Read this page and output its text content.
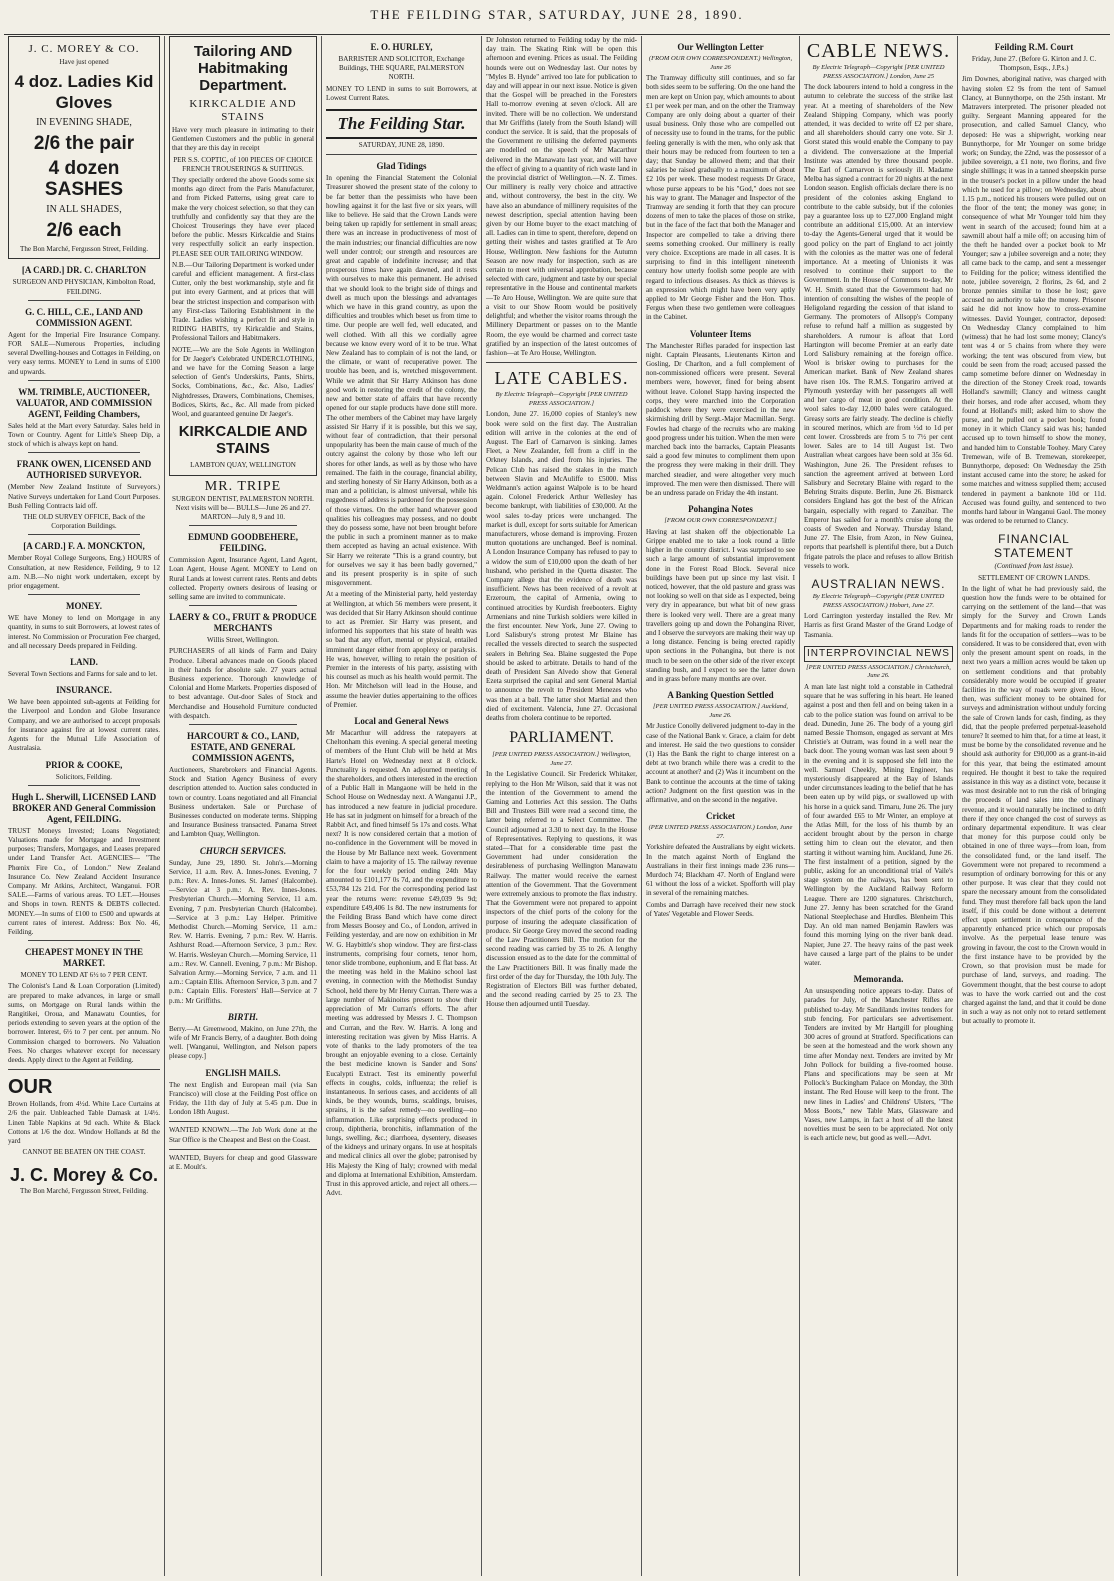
THE FEILDING STAR, SATURDAY, JUNE 28, 1890.
J. C. MOREY & CO.

Have just opened

4 doz. Ladies Kid Gloves
IN EVENING SHADE,
2/6 the pair
4 dozen SASHES
IN ALL SHADES,
2/6 each

The Bon Marché, Fergusson Street, Feilding.

[A CARD.] DR. C. CHARLTON

SURGEON AND PHYSICIAN, Kimbolton Road, FEILDING.

G. C. HILL, C.E., LAND AND COMMISSION AGENT.

Agent for the Imperial Fire Insurance Company. FOR SALE—Numerous Properties, including several Dwelling-houses and Cottages in Feilding, on very easy terms. MONEY to Lend in sums of £100 and upwards.

WM. TRIMBLE, AUCTIONEER, VALUATOR, AND COMMISSION AGENT, Feilding Chambers,

Sales held at the Mart every Saturday. Sales held in Town or Country. Agent for Little's Sheep Dip, a stock of which is always kept on hand.

FRANK OWEN, LICENSED AND AUTHORISED SURVEYOR.

(Member New Zealand Institute of Surveyors.) Native Surveys undertaken for Land Court Purposes. Bush Felling Contracts laid off.

THE OLD SURVEY OFFICE, Back of the Corporation Buildings.

[A CARD.] F. A. MONCKTON,

Member Royal College Surgeons, Eng.) HOURS of Consultation, at new Residence, Feilding, 9 to 12 a.m. N.B.—No night work undertaken, except by prior engagement.

MONEY.

WE have Money to lend on Mortgage in any quantity, in sums to suit Borrowers, at lowest rates of interest. No Commission or Procuration Fee charged, and all necessary Deeds prepared in Feilding.

LAND.

Several Town Sections and Farms for sale and to let.

INSURANCE.

We have been appointed sub-agents at Feilding for the Liverpool and London and Globe Insurance Company, and we are authorised to accept proposals for insurance against fire at lowest current rates. Agents for the Mutual Life Association of Australasia.

PRIOR & COOKE,

Solicitors, Feilding.

Hugh L. Sherwill, LICENSED LAND BROKER AND General Commission Agent, FEILDING.

TRUST Moneys Invested; Loans Negotiated; Valuations made for Mortgage and Investment purposes; Transfers, Mortgages, and Leases prepared under Land Transfer Act. AGENCIES— "The Phœnix Fire Co., of London." New Zealand Insurance Co. New Zealand Accident Insurance Company. Mr Atkins, Architect, Wanganui. FOR SALE.—Farms of various areas. TO LET.—Houses and Shops in town. RENTS & DEBTS collected. MONEY.—In sums of £100 to £500 and upwards at current rates of interest. Address: Box No. 46, Feilding.

CHEAPEST MONEY IN THE MARKET.

MONEY TO LEND AT 6½ to 7 PER CENT.

The Colonist's Land & Loan Corporation (Limited) are prepared to make advances, in large or small sums, on Mortgage on Rural lands within the Rangitikei, Oroua, and Manawatu Counties, for periods extending to seven years at the option of the borrower. Interest, 6½ to 7 per cent. per annum. No Commission charged to borrowers. No Valuation Fees. No charges whatever except for necessary deeds. Apply direct to the Agent at Feilding.

OUR

Brown Hollands, from 4½d. White Lace Curtains at 2/6 the pair. Unbleached Table Damask at 1/4½. Linen Table Napkins at 9d each. White & Black Cottons at 1/6 the doz. Window Hollands at 8d the yard

CANNOT BE BEATEN ON THE COAST.

J. C. Morey & Co.

The Bon Marché, Fergusson Street, Feilding.

Tailoring AND Habitmaking Department.
KIRKCALDIE AND STAINS

Have very much pleasure in intimating to their Gentlemen Customers and the public in general that they are this day in receipt

PER S.S. COPTIC, of 100 PIECES OF CHOICE FRENCH TROUSERINGS & SUITINGS.

They specially ordered the above Goods some six months ago direct from the Paris Manufacturer, and from Picked Patterns, using great care to make the very choicest selection, so that they can truthfully and confidently say that they are the Choicest Trouserings they have ever placed before the public. Messrs Kirkcaldie and Stains very respectfully solicit an early inspection. PLEASE SEE OUR TAILORING WINDOW.

N.B.—Our Tailoring Department is worked under careful and efficient management. A first-class Cutter, only the best workmanship, style and fit put into every Garment, and at prices that will bear the strictest inspection and comparison with any First-class Tailoring Establishment in the Trade. Ladies wishing a perfect fit and style in RIDING HABITS, try Kirkcaldie and Stains, Professional Tailors and Habitmakers.

NOTE.—We are the Sole Agents in Wellington for Dr Jaeger's Celebrated UNDERCLOTHING, and we have for the Coming Season a large selection of Gent's Underskirts, Pants, Shirts, Socks, Combinations, &c., &c. Also, Ladies' Nightdresses, Drawers, Combinations, Chemises, Bodices, Skirts, &c., &c. All made from picked Wool, and guaranteed genuine Dr Jaeger's.

KIRKCALDIE AND STAINS

LAMBTON QUAY, WELLINGTON

MR. TRIPE

SURGEON DENTIST, PALMERSTON NORTH. Next visits will be— BULLS—June 26 and 27. MARTON—July 8, 9 and 10.

EDMUND GOODBEHERE, FEILDING.

Commission Agent, Insurance Agent, Land Agent, Loan Agent, House Agent. MONEY to Lend on Rural Lands at lowest current rates. Rents and debts collected. Property owners desirous of leasing or selling same are invited to communicate.

LAERY & CO., FRUIT & PRODUCE MERCHANTS

Willis Street, Wellington.

PURCHASERS of all kinds of Farm and Dairy Produce. Liberal advances made on Goods placed in their hands for absolute sale. 27 years actual Business experience. Thorough knowledge of Colonial and Home Markets. Properties disposed of to best advantage. Out-door Sales of Stock and Merchandise and Household Furniture conducted with despatch.

HARCOURT & CO., LAND, ESTATE, AND GENERAL COMMISSION AGENTS,

Auctioneers, Sharebrokers and Financial Agents. Stock and Station Agency Business of every description attended to. Auction sales conducted in town or country. Loans negotiated and all Financial Business undertaken. Sale or Purchase of Businesses conducted on moderate terms. Shipping and Insurance Business transacted. Panama Street and Lambton Quay, Wellington.

CHURCH SERVICES.

Sunday, June 29, 1890. St. John's.—Morning Service, 11 a.m. Rev. A. Innes-Jones. Evening, 7 p.m.: Rev. A. Innes-Jones. St. James' (Halcombe).—Service at 3 p.m.: A. Rev. Innes-Jones. Presbyterian Church.—Morning Service, 11 a.m. Evening, 7 p.m. Presbyterian Church (Halcombe).—Service at 3 p.m.: Lay Helper. Primitive Methodist Church.—Morning Service, 11 a.m.: Rev. W. Harris. Evening, 7 p.m.: Rev. W. Harris. Ashhurst Road.—Afternoon Service, 3 p.m.: Rev. W. Harris. Wesleyan Church.—Morning Service, 11 a.m.: Rev. W. Cannell. Evening, 7 p.m.: Mr Bishop. Salvation Army.—Morning Service, 7 a.m. and 11 a.m.: Captain Ellis. Afternoon Service, 3 p.m. and 7 p.m.: Captain Ellis. Foresters' Hall—Service at 7 p.m.: Mr Griffiths.

BIRTH.

Berry.—At Greenwood, Makino, on June 27th, the wife of Mr Francis Berry, of a daughter. Both doing well. [Wanganui, Wellington, and Nelson papers please copy.]

ENGLISH MAILS.

The next English and European mail (via San Francisco) will close at the Feilding Post office on Friday, the 11th day of July at 5.45 p.m. Due in London 18th August.

WANTED KNOWN.—The Job Work done at the Star Office is the Cheapest and Best on the Coast.

WANTED, Buyers for cheap and good Glassware at E. Moult's.

E. O. HURLEY,

BARRISTER AND SOLICITOR, Exchange Buildings, THE SQUARE, PALMERSTON NORTH.

MONEY TO LEND in sums to suit Borrowers, at Lowest Current Rates.

The Feilding Star.

SATURDAY, JUNE 28, 1890.

Glad Tidings

In opening the Financial Statement the Colonial Treasurer showed the present state of the colony to be far better than the pessimists who have been howling against it for the last five or six years, will like to believe. He said that the Crown Lands were being taken up rapidly for settlement in small areas; there was an increase in productiveness of most of the main industries; our financial difficulties are now well under control; our strength and resources are great and capable of indefinite increase; and that prosperous times have again dawned, and it rests with ourselves to make this permanent. He advised that we should look to the bright side of things and dwell as much upon the blessings and advantages which we have in this grand country, as upon the difficulties and troubles which beset us from time to time. Our people are well fed, well educated, and well clothed. With all this we cordially agree because we know every word of it to be true. What New Zealand has to complain of is not the land, or the climate, or want of recuperative power. The trouble has been, and is, wretched misgovernment. While we admit that Sir Harry Atkinson has done good work in restoring the credit of the colony, the new and better state of affairs that have recently opened for our staple products have done still more. The other members of the Cabinet may have largely assisted Sir Harry if it is possible, but this we say, without fear of contradiction, that their personal unpopularity has been the main cause of much of the outcry against the colony by those who left our shores for other lands, as well as by those who have remained. The faith in the courage, financial ability, and sterling honesty of Sir Harry Atkinson, both as a man and a politician, is almost universal, while his ruggedness of address is pardoned for the possession of those virtues. On the other hand whatever good qualities his colleagues may possess, and no doubt they do possess some, have not been brought before the public in such a prominent manner as to make them accepted as having an actual existence. With Sir Harry we reiterate "This is a grand country, but for ourselves we say it has been badly governed," and its present prosperity is in spite of such misgovernment.

At a meeting of the Ministerial party, held yesterday at Wellington, at which 56 members were present, it was decided that Sir Harry Atkinson should continue to act as Premier. Sir Harry was present, and informed his supporters that his state of health was so bad that any effort, mental or physical, entailed imminent danger either from apoplexy or paralysis. He was, however, willing to retain the position of Premier in the interests of his party, assisting with his counsel as much as his health would permit. The Hon. Mr Mitchelson will lead in the House, and assume the heavier duties appertaining to the offices of Premier.

Local and General News

Mr Macarthur will address the ratepayers at Cheltonham this evening. A special general meeting of members of the Hunt Club will be held at Mrs Harte's Hotel on Wednesday next at 8 o'clock. Punctuality is requested. An adjourned meeting of the shareholders, and others interested in the erection of a Public Hall in Mangaone will be held in the School House on Wednesday next. A Wanganui J.P., has introduced a new feature in judicial procedure. He has sat in judgment on himself for a breach of the Rabbit Act, and fined himself 5s 17s and costs. What next? It is now considered certain that a motion of no-confidence in the Government will be moved in the House by Mr Ballance next week. Government claim to have a majority of 15. The railway revenue for the four weekly period ending 24th May amounted to £101,177 0s 7d, and the expenditure to £53,784 12s 21d. For the corresponding period last year the returns were: revenue £49,039 9s 9d; expenditure £49,406 1s 8d. The new instruments for the Feilding Brass Band which have come direct from Messrs Boosey and Co., of London, arrived in Feilding yesterday, and are now on exhibition in Mr W. G. Haybittle's shop window. They are first-class instruments, comprising four cornets, tenor horn, tenor slide trombone, euphonium, and E flat bass. At the meeting was held in the Makino school last evening, in connection with the Methodist Sunday School, held there by Mr Henry Curran. There was a large number of Makinoites present to show their appreciation of Mr Curran's efforts. The after meeting was addressed by Messrs J. C. Thompson and Curran, and the Rev. W. Harris. A long and interesting recitation was given by Miss Harris. A vote of thanks to the lady promoters of the tea brought an enjoyable evening to a close. Certainly the best medicine known is Sander and Sons' Eucalypti Extract. Test its eminently powerful effects in coughs, colds, influenza; the relief is instantaneous. In serious cases, and accidents of all kinds, be they wounds, burns, scaldings, bruises, sprains, it is the safest remedy—no swelling—no inflammation. Like surprising effects produced in croup, diphtheria, bronchitis, inflammation of the lungs, swelling, &c.; diarrhoea, dysentery, diseases of the kidneys and urinary organs. In use at hospitals and medical clinics all over the globe; patronised by His Majesty the King of Italy; crowned with medal and diploma at International Exhibition, Amsterdam. Trust in this approved article, and reject all others.—Advt.

Dr Johnston returned to Feilding today by the mid-day train. The Skating Rink will be open this afternoon and evening. Prices as usual. The Feilding hounds were out on Wednesday last. Our notes by "Myles B. Hynde" arrived too late for publication to day and will appear in our next issue. Notice is given that the Gospel will be preached in the Foresters Hall to-morrow evening at seven o'clock. All are invited. There will be no collection. We understand that Mr Griffiths (lately from the South Island) will conduct the service. It is said, that the proposals of the Government re utilising the deferred payments are modelled on the speech of Mr Macarthur delivered in the Manawatu last year, and will have the effect of giving to a quantity of rich waste land in the provincial district of Wellington.—N. Z. Times. Our millinery is really very choice and attractive and, without controversy, the best in the city. We have also an abundance of millinery requisites of the newest description, special attention having been given by our Home buyer to the exact matching of all. Ladies can in time to spent, therefore, depend on getting their wishes and tastes gratified at Te Aro House, Wellington. New fashions for the Autumn Season are now ready for inspection, such as are certain to meet with universal approbation, because selected with care, judgment and taste by our special representative in the House and continental markets—Te Aro House, Wellington. We are quite sure that a visit to our Show Room would be positively delightful; and whether the visitor roams through the Millinery Department or passes on to the Mantle Room, the eye would be charmed and correct taste gratified by an inspection of the latest outcomes of fashion—at Te Aro House, Wellington.

LATE CABLES.
By Electric Telegraph—Copyright [PER UNITED PRESS ASSOCIATION.]

London, June 27. 16,000 copies of Stanley's new book were sold on the first day. The Australian edition will arrive in the colonies at the end of August. The Earl of Carnarvon is sinking. James Fleet, a New Zealander, fell from a cliff in the Orkney Islands, and died from his injuries. The Pelican Club has raised the stakes in the match between Slavin and McAuliffe to £5000. Miss Weldmann's action against Walpole is to be heard again. Colonel Frederick Arthur Wellesley has become bankrupt, with liabilities of £30,000. At the wool sales to-day prices were unchanged. The market is dull, except for sorts suitable for American manufacturers, whose demand is improving. Frozen mutton quotations are unchanged. Beef is nominal. A London Insurance Company has refused to pay to a widow the sum of £10,000 upon the death of her husband, who perished in the Quetta disaster. The Company allege that the evidence of death was insufficient. News has been received of a revolt at Erzeroum, the capital of Armenia, owing to continued atrocities by Kurdish freebooters. Eighty Armenians and nine Turkish soldiers were killed in the first encounter. New York, June 27. Owing to Lord Salisbury's strong protest Mr Blaine has recalled the vessels directed to search the suspected sealers in Behring Sea. Blaine suggested the Pope should be asked to arbitrate. Details to hand of the death of President San Alvedo show that General Ezeta surprised the capital and sent General Martial to announce the revolt to President Menezes who was then at a ball. The latter shot Martial and then died of excitement. Valencia, June 27. Occasional deaths from cholera continue to be reported.

PARLIAMENT.
[PER UNITED PRESS ASSOCIATION.] Wellington, June 27.

In the Legislative Council. Sir Frederick Whitaker, replying to the Hon Mr Wilson, said that it was not the intention of the Government to amend the Gaming and Lotteries Act this session. The Oaths Bill and Trustees Bill were read a second time, the latter being referred to a Select Committee. The Council adjourned at 3.30 to next day. In the House of Representatives. Replying to questions, it was stated—That for a considerable time past the Government had under consideration the desirableness of purchasing Wellington Manawatu Railway. The matter would receive the earnest attention of the Government. That the Government were extremely anxious to promote the flax industry. That the Government were not prepared to appoint inspectors of the chief ports of the colony for the purpose of insuring the adequate classification of produce. Sir George Grey moved the second reading of the Law Practitioners Bill. The motion for the second reading was carried by 35 to 26. A lengthy discussion ensued as to the date for the committal of the Law Practitioners Bill. It was finally made the first order of the day for Thursday, the 10th July. The Registration of Electors Bill was further debated, and the second reading carried by 25 to 23. The House then adjourned until Tuesday.

Our Wellington Letter
(FROM OUR OWN CORRESPONDENT.) Wellington, June 26

The Tramway difficulty still continues, and so far both sides seem to be suffering. On the one hand the men are kept on Union pay, which amounts to about £1 per week per man, and on the other the Tramway Company are only doing about a quarter of their usual business. Only those who are compelled out of necessity use to found in the trams, for the public feeling generally is with the men, who only ask that their hours may be reduced from fourteen to ten a day; that Sunday be allowed them; and that their salaries be raised gradually to a maximum of about £2 10s per week. These modest requests Dr Grace, whose purse appears to be his "God," does not see his way to grant. The Manager and Inspector of the Tramway are sending it forth that they can procure dozens of men to take the places of those on strike, but in the face of the fact that both the Manager and Inspector are compelled to take a driving there seems something crooked. Our millinery is really very choice. Exceptions are made in all cases. It is surprising to find in this intelligent nineteenth century how utterly foolish some people are with regard to infectious diseases. As thick as thieves is an expression which might have been very aptly applied to Mr George Fisher and the Hon. Thos. Fergus when these two gentlemen were colleagues in the Cabinet.

Volunteer Items

The Manchester Rifles paraded for inspection last night. Captain Pleasants, Lieutenants Kirton and Gosling, Dr Charlton, and a full complement of non-commissioned officers were present. Several members were, however, fined for being absent without leave. Colonel Stapp having inspected the corps, they were marched into the Corporation paddock where they were exercised in the new skirmishing drill by Sergt.-Major Macmillan. Sergt. Fowles had charge of the recruits who are making good progress under his tuition. When the men were marched back into the barracks, Captain Pleasants said a good few minutes to compliment them upon the progress they were making in their drill. They marched steadier, and were altogether very much improved. The men were then dismissed. There will be an undress parade on Friday the 4th instant.

Pohangina Notes
[FROM OUR OWN CORRESPONDENT.]

Having at last shaken off the objectionable La Grippe enabled me to take a look round a little higher in the country district. I was surprised to see such a large amount of substantial improvement done in the Forest Road Block. Several nice buildings have been put up since my last visit. I noticed, however, that the old pasture and grass was not looking so well on that side as I expected, being very dry in appearance, but what bit of new grass there is looked very well. There are a great many travellers going up and down the Pohangina River, and I observe the surveyors are making their way up a long distance. Fencing is being erected rapidly upon sections in the Pohangina, but there is not much to be seen on the other side of the river except standing bush, and I expect to see the latter down and in grass before many months are over.

A Banking Question Settled
[PER UNITED PRESS ASSOCIATION.] Auckland, June 26.

Mr Justice Conolly delivered judgment to-day in the case of the National Bank v. Grace, a claim for debt and interest. He said the two questions to consider (1) Has the Bank the right to charge interest on a debt at two branch while there was a credit to the account at another? and (2) Was it incumbent on the Bank to continue the accounts at the time of taking action? Judgment on the first question was in the affirmative, and on the second in the negative.

Cricket
(PER UNITED PRESS ASSOCIATION.) London, June 27.

Yorkshire defeated the Australians by eight wickets. In the match against North of England the Australians in their first innings made 236 runs—Murdoch 74; Blackham 47. North of England were 61 without the loss of a wicket. Spofforth will play in several of the remaining matches.

Combs and Darragh have received their new stock of Yates' Vegetable and Flower Seeds.

CABLE NEWS.
By Electric Telegraph—Copyright [PER UNITED PRESS ASSOCIATION.] London, June 25

The dock labourers intend to hold a congress in the autumn to celebrate the success of the strike last year. At a meeting of shareholders of the New Zealand Shipping Company, which was poorly attended, it was decided to write off £2 per share, and all shareholders should carry one vote. Sir J. Gorst stated this would enable the Company to pay a dividend. The conversazione at the Imperial Institute was attended by three thousand people. The Earl of Carnarvon is seriously ill. Madame Melba has signed a contract for 20 nights at the next London season. English officials declare there is no president of the colonies asking England to contribute to the cable subsidy, but if the colonies pay a guarantee loss up to £27,000 England might contribute an additional £15,000. At an interview to-day the Agents-General urged that it would be good policy on the part of England to act jointly with the colonies as the matter was one of federal importance. At a meeting of Unionists it was resolved to continue their support to the Government. In the House of Commons to-day, Mr W. H. Smith stated that the Government had no intention of consulting the wishes of the people of Heligoland regarding the cession of that island to Germany. The promoters of Allsopp's Company refuse to refund half a million as suggested by shareholders. A rumour is afloat that Lord Hartington will become Premier at an early date Lord Salisbury remaining at the foreign office. Wool is brisker owing to purchases for the American market. Bank of New Zealand shares have risen 10s. The R.M.S. Tongariro arrived at Plymouth yesterday with her passengers all well and her cargo of meat in good condition. At the wool sales to-day 12,000 bales were catalogued. Greasy sorts are fairly steady. The decline is chiefly in scoured merinos, which are from ½d to 1d per cent lower. Crossbreds are from 5 to 7½ per cent lower. Sales are to 14 till August 1st. Two Australian wheat cargoes have been sold at 35s 6d. Washington, June 26. The President refuses to sanction the agreement arrived at between Lord Salisbury and Secretary Blaine with regard to the Behring Straits dispute. Berlin, June 26. Bismarck considers England has got the best of the African bargain, especially with regard to Zanzibar. The Emperor has sailed for a month's cruise along the coasts of Sweden and Norway. Thursday Island, June 27. The Elsie, from Azon, in New Guinea, reports that pearlshell is plentiful there, but a Dutch frigate patrols the place and refuses to allow British vessels to work.

AUSTRALIAN NEWS.
By Electric Telegraph—Copyright (PER UNITED PRESS ASSOCIATION.) Hobart, June 27.

Lord Carrington yesterday installed the Rev. Mr Harris as first Grand Master of the Grand Lodge of Tasmania.

INTERPROVINCIAL NEWS
[PER UNITED PRESS ASSOCIATION.] Christchurch, June 26.

A man late last night told a constable in Cathedral square that he was suffering in his heart. He leaned against a post and then fell and on being taken in a cab to the police station was found on arrival to be dead. Dunedin, June 26. The body of a young girl named Bessie Thomson, engaged as servant at Mrs Christie's at Outram, was found in a well near the back door. The young woman was last seen about 9 in the evening and it is supposed she fell into the well. Samuel Cheekly, Mining Engineer, has mysteriously disappeared at the Bay of Islands under circumstances leading to the belief that he has been eaten up by wild pigs, or swallowed up with his horse in a quick sand. Timaru, June 26. The jury of four awarded £65 to Mr Winter, an employe at the Atlas Mill, for the loss of his thumb by an accident brought about by the person in charge setting him to clean out the elevator, and then starting it without warning him. Auckland, June 26. The first instalment of a petition, signed by the public, asking for an unconditional trial of Vaile's stage system on the railways, has been sent to Wellington by the Auckland Railway Reform League. There are 1200 signatures. Christchurch, June 27. Jenny has been scratched for the Grand National Steeplechase and Hurdles. Blenheim This Day. An old man named Benjamin Rawlers was found this morning lying on the river bank dead. Napier, June 27. The heavy rains of the past week have caused a large part of the plains to be under water.

Memoranda.

An unsuspending notice appears to-day. Dates of parades for July, of the Manchester Rifles are published to-day. Mr Sandilands invites tenders for stub fencing. For particulars see advertisement. Tenders are invited by Mr Hartgill for ploughing 300 acres of ground at Stratford. Specifications can be seen at the homestead and the work shown any time after Monday next. Tenders are invited by Mr John Pollock for building a five-roomed house. Plans and specifications may be seen at Mr Pollock's Buckingham Palace on Monday, the 30th instant. The Red House will keep to the front. The new lines in Ladies' and Childrens' Ulsters, "The Moss Boots," new Table Mats, Glassware and Vases, new Lamps, in fact a host of all the latest novelties must be seen to be appreciated. Not only is each article new, but good as well.—Advt.

Feilding R.M. Court

Friday, June 27. (Before G. Kirton and J. C. Thompson, Esqs., J.P.s.)

Jim Downes, aboriginal native, was charged with having stolen £2 9s from the tent of Samuel Clancy, at Bunnythorpe, on the 25th instant. Mr Matravers interpreted. The prisoner pleaded not guilty. Sergeant Manning appeared for the prosecution, and called Samuel Clancy, who deposed: He was a shipwright, working near Bunnythorpe, for Mr Younger on some bridge work; on Sunday, the 22nd, was the possessor of a jubilee sovereign, a £1 note, two florins, and five single shillings; it was in a tanned sheepskin purse in the trouser's pocket in a pillow under the head which he used for a pillow; on Wednesday, about 1.15 p.m., noticed his trousers were pulled out on the floor of the tent; the money was gone; in consequence of what Mr Younger told him they went in search of the accused; found him at a sawmill about half a mile off; on accusing him of the theft he handed over a pocket book to Mr Younger; saw a jubilee sovereign and a note; they all came back to the camp, and sent a messenger to Feilding for the police; witness identified the note, jubilee sovereign, 2 florins, 2s 6d, and 2 bronze pennies similar to those he lost; gave accused no authority to take the money. Prisoner said he did not know how to cross-examine witnesses. David Younger, contractor, deposed: On Wednesday Clancy complained to him (witness) that he had lost some money; Clancy's tent was 4 or 5 chains from where they were working; the tent was obscured from view, but could be seen from the road; accused passed the camp sometime before dinner on Wednesday in the direction of the Stoney Creek road, towards Holland's sawmill; Clancy and witness caught their horses, and rode after accused, whom they found at Holland's mill; asked him to show the purse, and he pulled out a pocket book; found money in it which Clancy said was his; handed accused up to town himself to show the money, and handed him to Constable Toohey. Mary Carey Tremewan, wife of B. Tremewan, storekeeper, Bunnythorpe, deposed: On Wednesday the 25th instant accused came into the store; he asked for some matches and witness supplied them; accused tendered in payment a banknote 10d or 11d. Accused was found guilty, and sentenced to two months hard labour in Wanganui Gaol. The money was ordered to be returned to Clancy.

FINANCIAL STATEMENT

(Continued from last issue).

SETTLEMENT OF CROWN LANDS.

In the light of what he had previously said, the question how the funds were to be obtained for carrying on the settlement of the land—that was simply for the Survey and Crown Lands Departments and for making roads to render the lands fit for the occupation of settlers—was to be considered. It was to be considered that, even with only the present amount spent on roads, in the next two years a million acres would be taken up on settlement conditions and that probably considerably more would be occupied if greater facilities in the way of roads were given. How, then, was sufficient money to be obtained for surveys and administration without unduly forcing the sale of Crown lands for cash, finding, as they did, that the people preferred perpetual-leasehold tenure? It seemed to him that, for a time at least, it must be borne by the consolidated revenue and he should ask authority for £90,000 as a grant-in-aid for this year, that being the estimated amount required. He thought it best to take the required assistance in this way as a distinct vote, because it was most desirable not to run the risk of bringing the proceeds of land sales into the ordinary revenue, and it would naturally be inclined to drift there if they once changed the cost of surveys as ordinary departmental expenditure. It was clear that money for this purpose could only be obtained in one of three ways—from loan, from the consolidated fund, or the land itself. The Government were not prepared to recommend a resumption of ordinary borrowing for this or any other purpose. It was clear that they could not spare the necessary amount from the consolidated fund. They must therefore fall back upon the land itself, if this could be done without a deterrent effect upon settlement in consequence of the apparently enhanced price which our proposals involve. As the perpetual lease tenure was growing in favour, the cost to the Crown would in the first instance have to be provided by the Crown, so that provision must be made for purchase of land, surveys, and roading. The Government thought, that the best course to adopt was to have the work carried out and the cost charged against the land, and that it could be done in such a way as not only not to retard settlement but actually to promote it.
